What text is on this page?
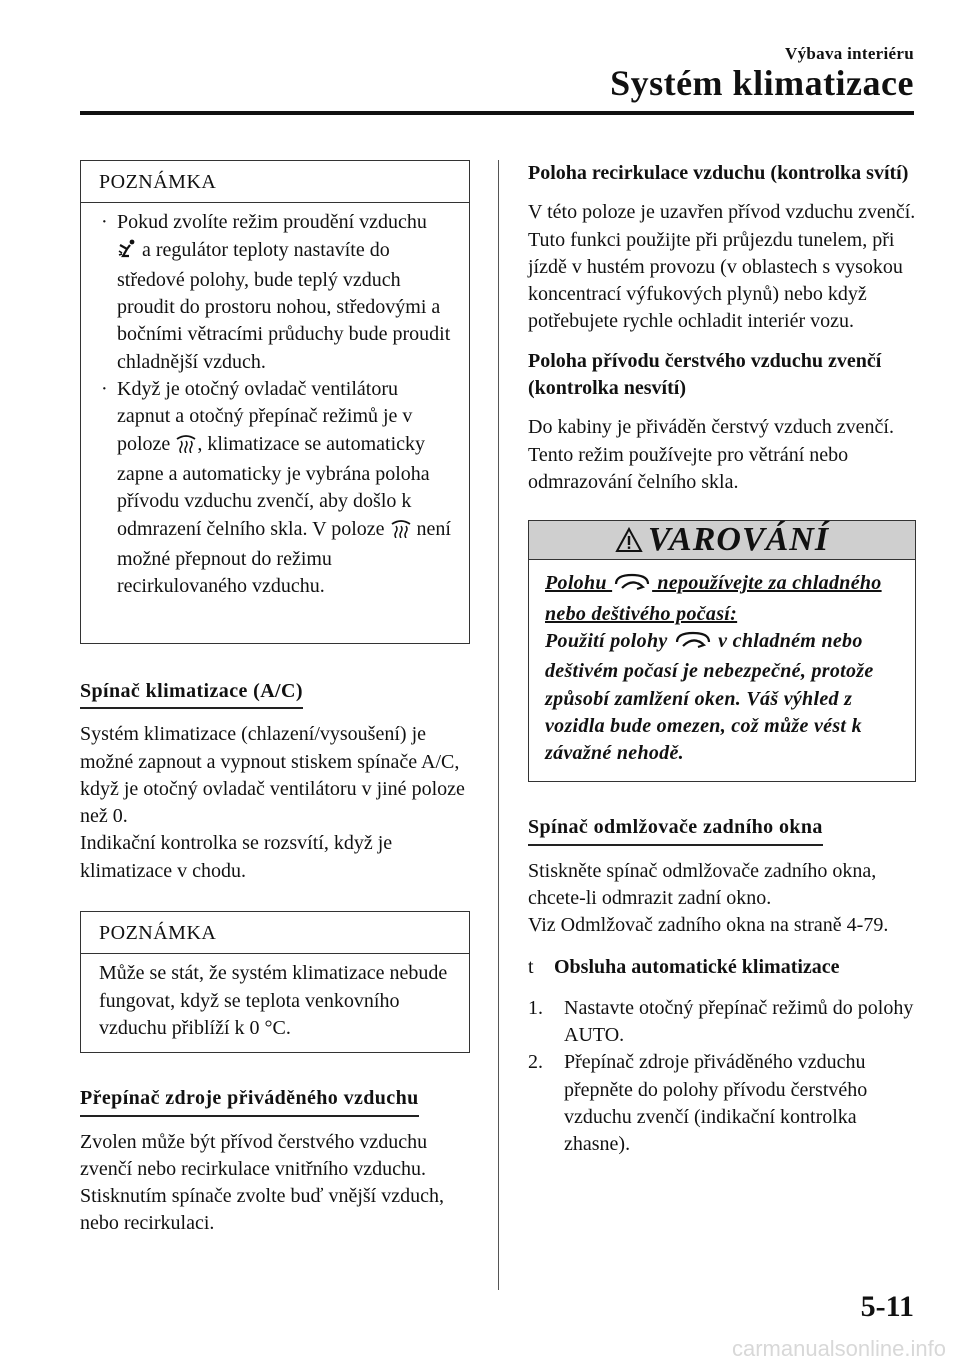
Výbava interiéru
Systém klimatizace
POZNÁMKA
· Pokud zvolíte režim proudění vzduchu  a regulátor teploty nastavíte do středové polohy, bude teplý vzduch proudit do prostoru nohou, středovými a bočními větracími průduchy bude proudit chladnější vzduch.
· Když je otočný ovladač ventilátoru zapnut a otočný přepínač režimů je v poloze , klimatizace se automaticky zapne a automaticky je vybrána poloha přívodu vzduchu zvenčí, aby došlo k odmrazení čelního skla. V poloze  není možné přepnout do režimu recirkulovaného vzduchu.
Spínač klimatizace (A/C)

Systém klimatizace (chlazení/vysoušení) je možné zapnout a vypnout stiskem spínače A/C, když je otočný ovladač ventilátoru v jiné poloze než 0.

Indikační kontrolka se rozsvítí, když je klimatizace v chodu.

POZNÁMKA

Může se stát, že systém klimatizace nebude fungovat, když se teplota venkovního vzduchu přiblíží k 0 °C.

Přepínač zdroje přiváděného vzduchu

Zvolen může být přívod čerstvého vzduchu zvenčí nebo recirkulace vnitřního vzduchu. Stisknutím spínače zvolte buď vnější vzduch, nebo recirkulaci.

Poloha recirkulace vzduchu (kontrolka svítí)

V této poloze je uzavřen přívod vzduchu zvenčí. Tuto funkci použijte při průjezdu tunelem, při jízdě v hustém provozu (v oblastech s vysokou koncentrací výfukových plynů) nebo když potřebujete rychle ochladit interiér vozu.

Poloha přívodu čerstvého vzduchu zvenčí (kontrolka nesvítí)

Do kabiny je přiváděn čerstvý vzduch zvenčí. Tento režim používejte pro větrání nebo odmrazování čelního skla.

VAROVÁNÍ

Polohu  nepoužívejte za chladného nebo deštivého počasí:

Použití polohy  v chladném nebo deštivém počasí je nebezpečné, protože způsobí zamlžení oken. Váš výhled z vozidla bude omezen, což může vést k závažné nehodě.

Spínač odmlžovače zadního okna

Stiskněte spínač odmlžovače zadního okna, chcete-li odmrazit zadní okno.

Viz Odmlžovač zadního okna na straně 4-79.

t Obsluha automatické klimatizace

1. Nastavte otočný přepínač režimů do polohy AUTO.
2. Přepínač zdroje přiváděného vzduchu přepněte do polohy přívodu čerstvého vzduchu zvenčí (indikační kontrolka zhasne).
5-11
carmanualsonline.info
